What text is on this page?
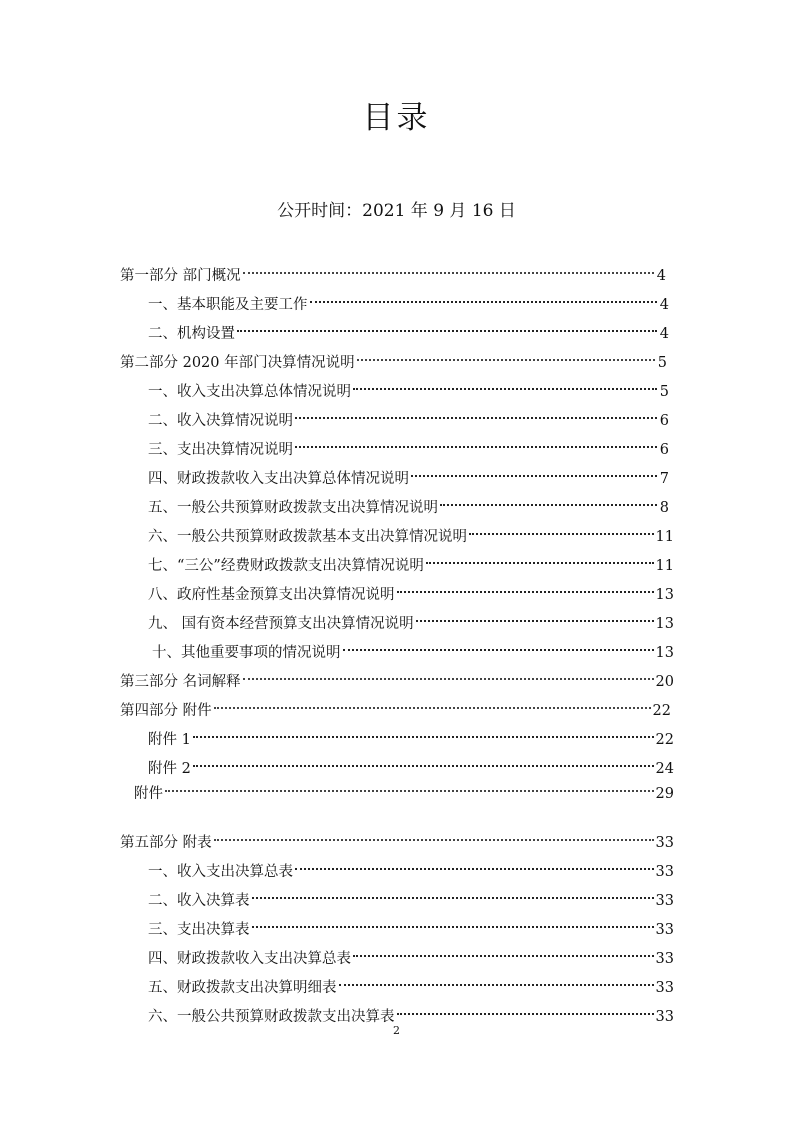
目录
公开时间：2021 年 9 月 16 日
第一部分 部门概况	4
一、基本职能及主要工作	4
二、机构设置	4
第二部分 2020 年部门决算情况说明	5
一、收入支出决算总体情况说明	5
二、收入决算情况说明	6
三、支出决算情况说明	6
四、财政拨款收入支出决算总体情况说明	7
五、一般公共预算财政拨款支出决算情况说明	8
六、一般公共预算财政拨款基本支出决算情况说明	11
七、“三公”经费财政拨款支出决算情况说明	11
八、政府性基金预算支出决算情况说明	13
九、 国有资本经营预算支出决算情况说明	13
十、其他重要事项的情况说明	13
第三部分 名词解释	20
第四部分 附件	22
附件 1	22
附件 2	24
附件	29
第五部分 附表	33
一、收入支出决算总表	33
二、收入决算表	33
三、支出决算表	33
四、财政拨款收入支出决算总表	33
五、财政拨款支出决算明细表	33
六、一般公共预算财政拨款支出决算表	33
2
